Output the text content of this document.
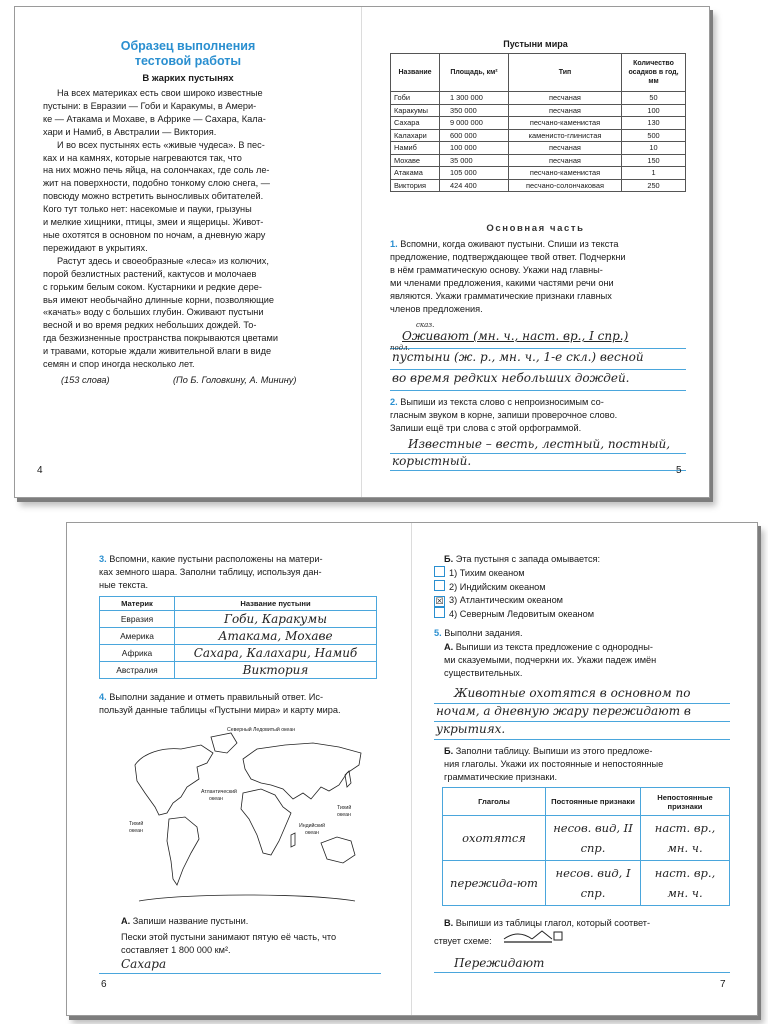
Образец выполнения
тестовой работы
В жарких пустынях
На всех материках есть свои широко известные
пустыни: в Евразии — Гоби и Каракумы, в Амери-
ке — Атакама и Мохаве, в Африке — Сахара, Кала-
хари и Намиб, в Австралии — Виктория.
И во всех пустынях есть «живые чудеса». В пес-
ках и на камнях, которые нагреваются так, что
на них можно печь яйца, на солончаках, где соль ле-
жит на поверхности, подобно тонкому слою снега, —
повсюду можно встретить выносливых обитателей.
Кого тут только нет: насекомые и пауки, грызуны
и мелкие хищники, птицы, змеи и ящерицы. Живот-
ные охотятся в основном по ночам, а дневную жару
пережидают в укрытиях.
Растут здесь и своеобразные «леса» из колючих,
порой безлистных растений, кактусов и молочаев
с горьким белым соком. Кустарники и редкие дере-
вья имеют необычайно длинные корни, позволяющие
«качать» воду с больших глубин. Оживают пустыни
весной и во время редких небольших дождей. То-
гда безжизненные пространства покрываются цветами
и травами, которые ждали живительной влаги в виде
семян и спор иногда несколько лет.
(153 слова)	(По Б. Головкину, А. Минину)
4
Пустыни мира
Название	Площадь, км²	Тип	Количество осадков в год, мм
Гоби	1 300 000	песчаная	50
Каракумы	350 000	песчаная	100
Сахара	9 000 000	песчано-каменистая	130
Калахари	600 000	каменисто-глинистая	500
Намиб	100 000	песчаная	10
Мохаве	35 000	песчаная	150
Атакама	105 000	песчано-каменистая	1
Виктория	424 400	песчано-солончаковая	250
Основная часть
1. Вспомни, когда оживают пустыни. Спиши из текста
предложение, подтверждающее твой ответ. Подчеркни
в нём грамматическую основу. Укажи над главны-
ми членами предложения, какими частями речи они
являются. Укажи грамматические признаки главных
членов предложения.
сказ.
подл.
Оживают (мн. ч., наст. вр., I спр.)
пустыни (ж. р., мн. ч., 1-е скл.) весной
во время редких небольших дождей.
2. Выпиши из текста слово с непроизносимым со-
гласным звуком в корне, запиши проверочное слово.
Запиши ещё три слова с этой орфограммой.
Известные – весть, лестный, постный,
корыстный.
5
3. Вспомни, какие пустыни расположены на матери-
ках земного шара. Заполни таблицу, используя дан-
ные текста.
Материк	Название пустыни
Евразия	Гоби, Каракумы
Америка	Атакама, Мохаве
Африка	Сахара, Калахари, Намиб
Австралия	Виктория
4. Выполни задание и отметь правильный ответ. Ис-
пользуй данные таблицы «Пустыни мира» и карту мира.
Северный Ледовитый океан
Атлантический
океан
Тихий
океан
Индийский
океан
Тихий
океан
А. Запиши название пустыни.
Пески этой пустыни занимают пятую её часть, что
составляет 1 800 000 км².
Сахара
6
Б. Эта пустыня с запада омывается:
1) Тихим океаном
2) Индийским океаном
☒ 3) Атлантическим океаном
4) Северным Ледовитым океаном
5. Выполни задания.
А. Выпиши из текста предложение с однородны-
ми сказуемыми, подчеркни их. Укажи падеж имён
существительных.
Животные охотятся в основном по
ночам, а дневную жару пережидают в
укрытиях.
Б. Заполни таблицу. Выпиши из этого предложе-
ния глаголы. Укажи их постоянные и непостоянные
грамматические признаки.
Глаголы	Постоянные признаки	Непостоянные признаки
охотятся	несов. вид, II спр.	наст. вр., мн. ч.
пережида-ют	несов. вид, I спр.	наст. вр., мн. ч.
В. Выпиши из таблицы глагол, который соответ-
ствует схеме:
Пережидают
7
